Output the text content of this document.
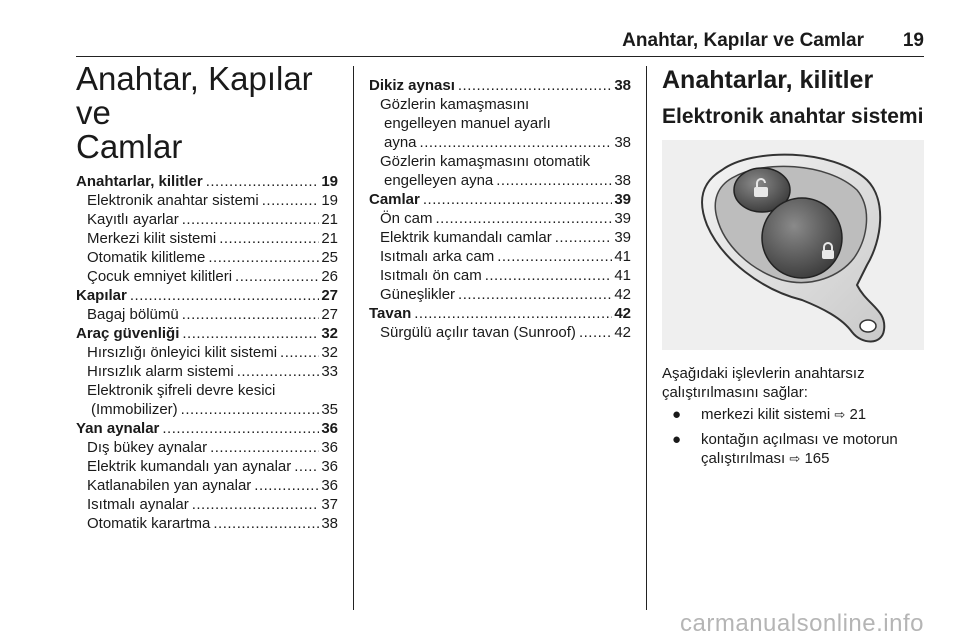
Anahtar, Kapılar ve Camlar 19
Anahtar, Kapılar ve
Camlar
Anahtarlar, kilitler .....	19
Elektronik anahtar sistemi .....	19
Kayıtlı ayarlar .....	21
Merkezi kilit sistemi .....	21
Otomatik kilitleme .....	25
Çocuk emniyet kilitleri .....	26
Kapılar .....	27
Bagaj bölümü .....	27
Araç güvenliği .....	32
Hırsızlığı önleyici kilit sistemi .....	32
Hırsızlık alarm sistemi .....	33
Elektronik şifreli devre kesici
(Immobilizer) .....	35
Yan aynalar .....	36
Dış bükey aynalar .....	36
Elektrik kumandalı yan aynalar ..... 36
Katlanabilen yan aynalar .....	36
Isıtmalı aynalar .....	37
Otomatik karartma .....	38
Dikiz aynası .....	38
Gözlerin kamaşmasını
engelleyen manuel ayarlı
ayna .....	38
Gözlerin kamaşmasını otomatik
engelleyen ayna .....	38
Camlar .....	39
Ön cam .....	39
Elektrik kumandalı camlar .....	39
Isıtmalı arka cam .....	41
Isıtmalı ön cam .....	41
Güneşlikler .....	42
Tavan .....	42
Sürgülü açılır tavan (Sunroof) .....	42
Anahtarlar, kilitler
Elektronik anahtar sistemi
Aşağıdaki işlevlerin anahtarsız çalıştırılmasını sağlar:
● merkezi kilit sistemi ⇨ 21
● kontağın açılması ve motorun
çalıştırılması ⇨ 165
carmanualsonline.info
